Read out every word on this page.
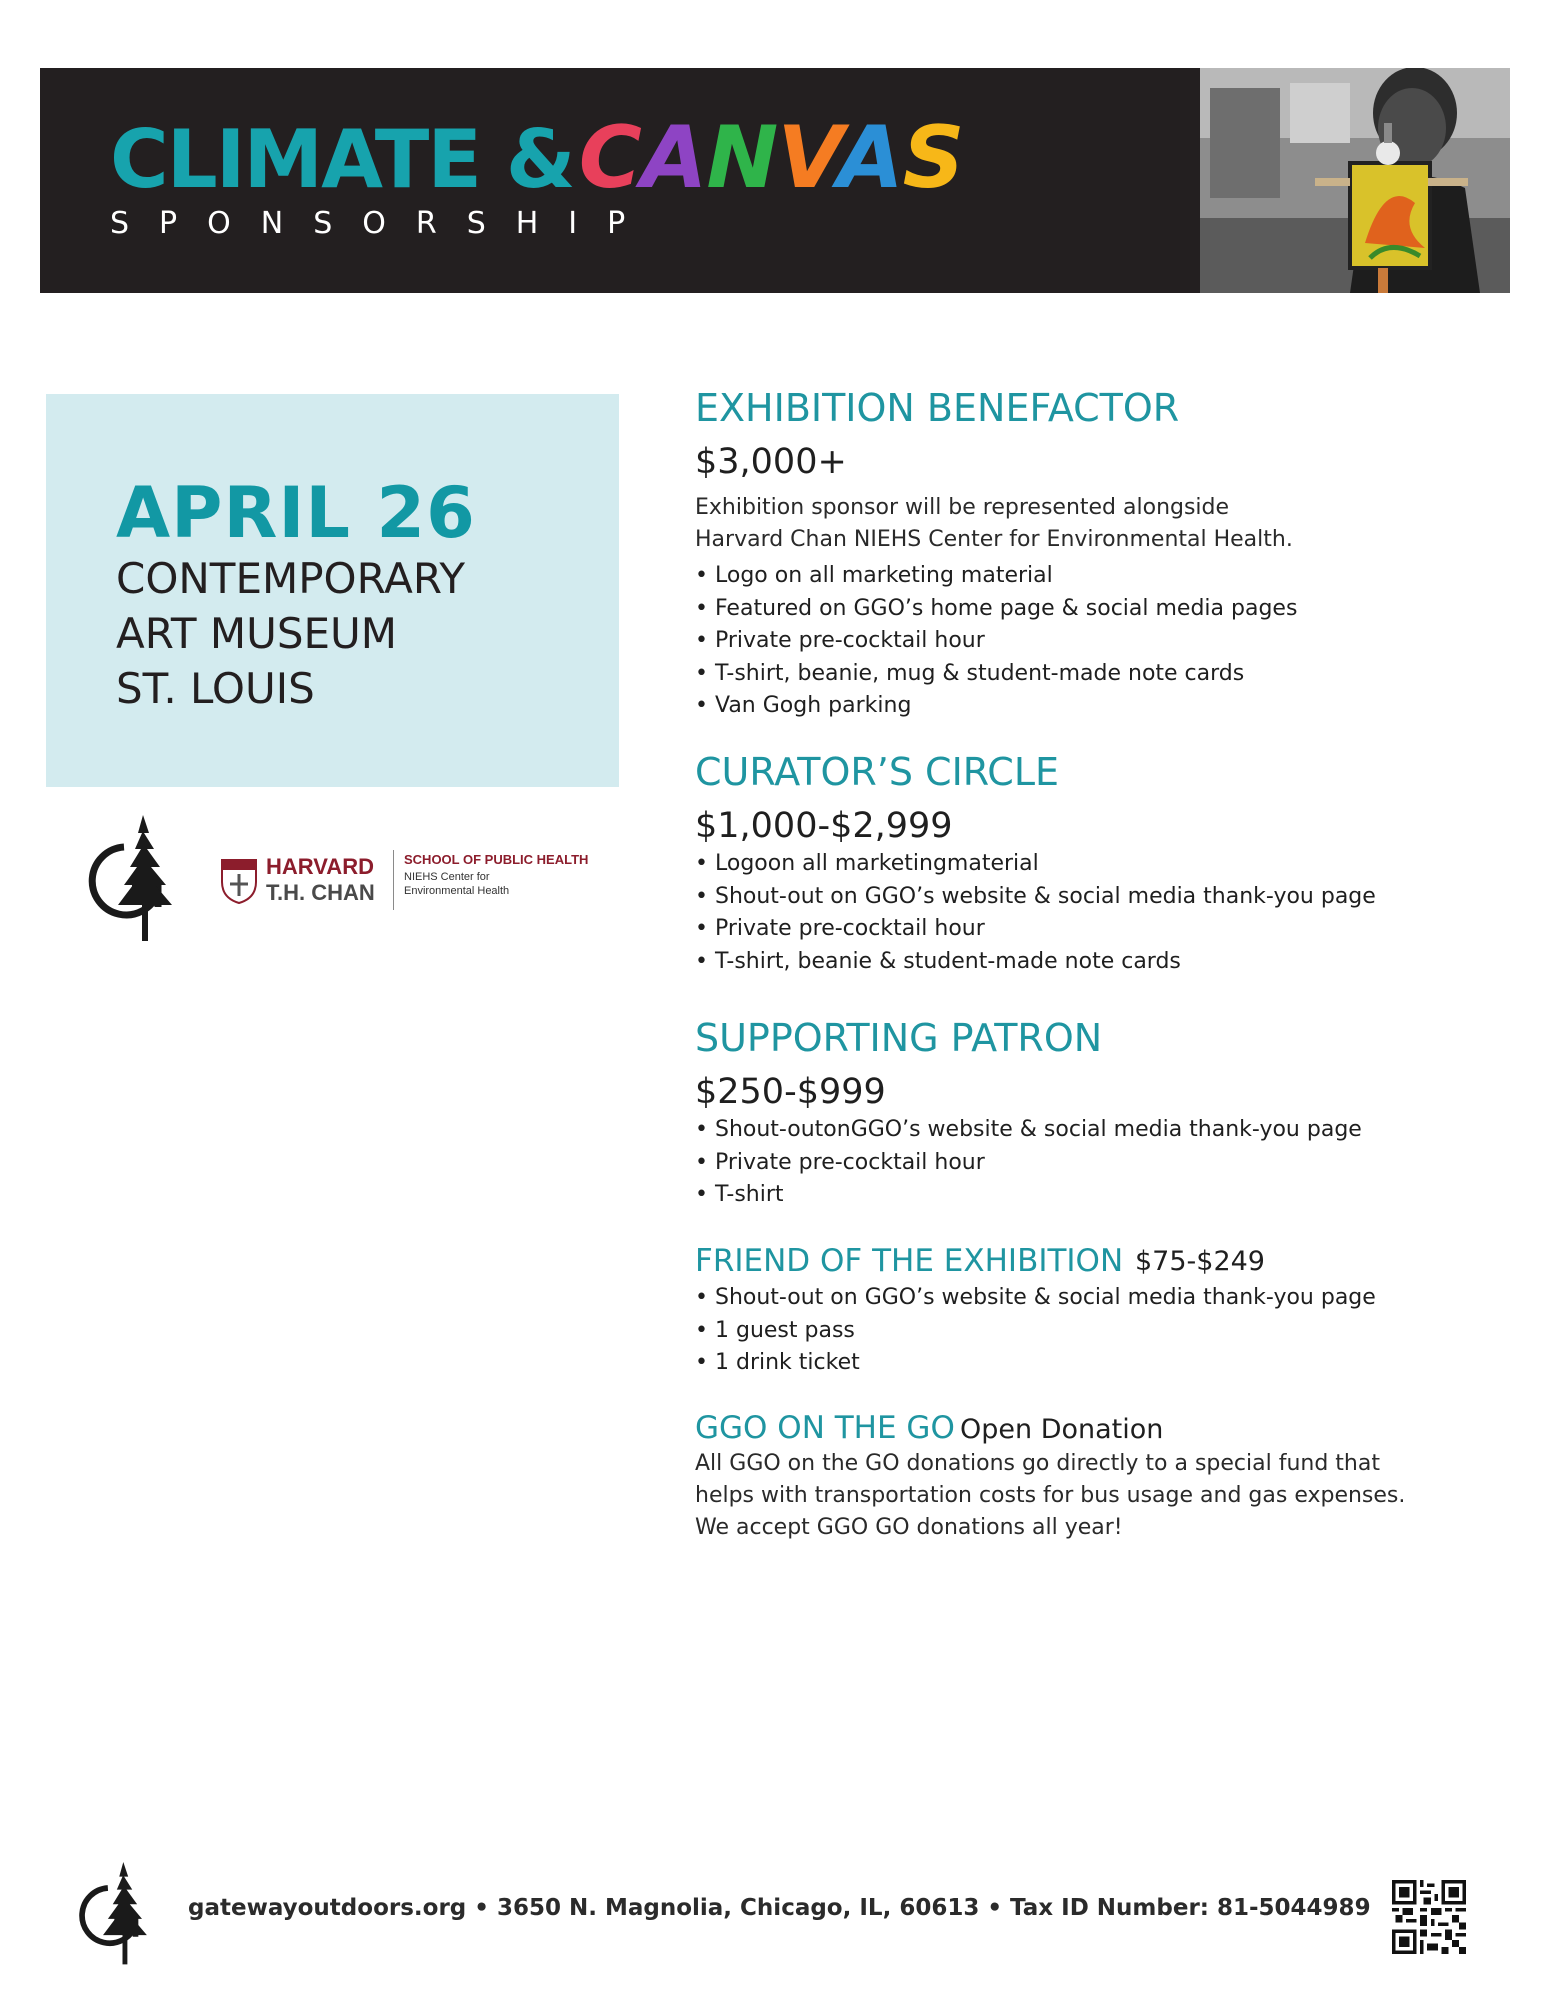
CLIMATE & CANVAS
SPONSORSHIP
APRIL 26
CONTEMPORARY
ART MUSEUM
ST. LOUIS
HARVARD
T.H. CHAN
SCHOOL OF PUBLIC HEALTH
NIEHS Center for Environmental Health
EXHIBITION BENEFACTOR
$3,000+
Exhibition sponsor will be represented alongside
Harvard Chan NIEHS Center for Environmental Health.
• Logo on all marketing material
• Featured on GGO’s home page & social media pages
• Private pre-cocktail hour
• T-shirt, beanie, mug & student-made note cards
• Van Gogh parking
CURATOR’S CIRCLE
$1,000-$2,999
• Logoon all marketingmaterial
• Shout-out on GGO’s website & social media thank-you page
• Private pre-cocktail hour
• T-shirt, beanie & student-made note cards
SUPPORTING PATRON
$250-$999
• Shout-outonGGO’s website & social media thank-you page
• Private pre-cocktail hour
• T-shirt
FRIEND OF THE EXHIBITION $75-$249
• Shout-out on GGO’s website & social media thank-you page
• 1 guest pass
• 1 drink ticket
GGO ON THE GO Open Donation
All GGO on the GO donations go directly to a special fund that
helps with transportation costs for bus usage and gas expenses.
We accept GGO GO donations all year!
gatewayoutdoors.org • 3650 N. Magnolia, Chicago, IL, 60613 • Tax ID Number: 81-5044989
